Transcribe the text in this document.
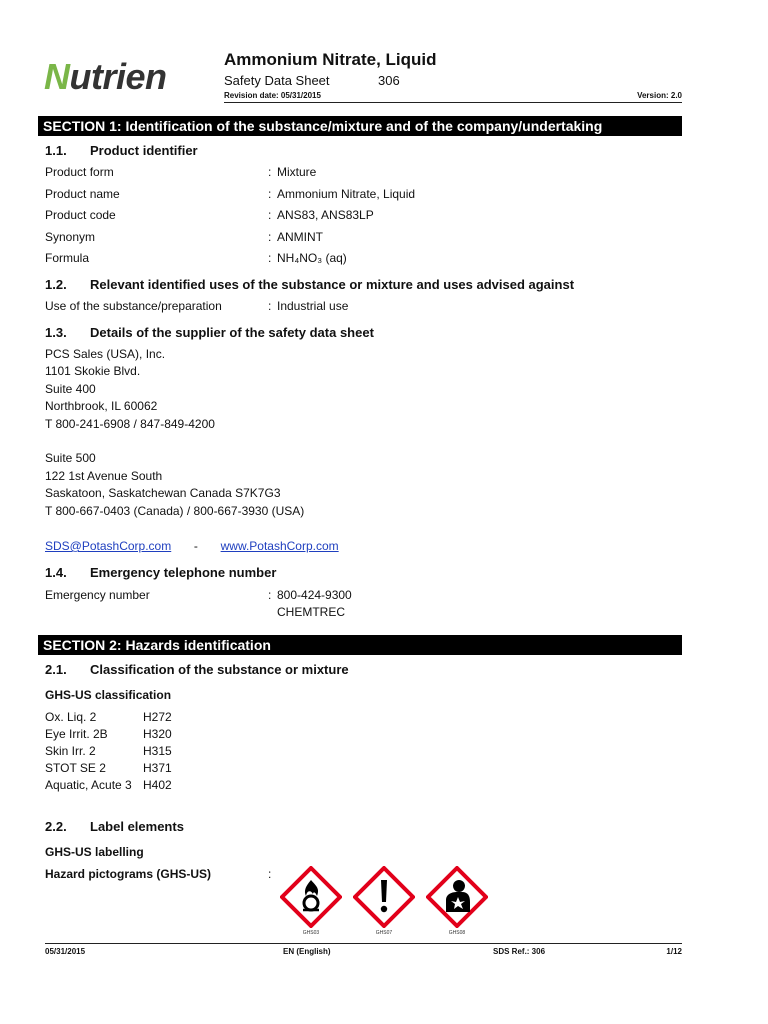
Nutrien	Ammonium Nitrate, Liquid
Safety Data Sheet	306
Revision date: 05/31/2015	Version: 2.0
SECTION 1: Identification of the substance/mixture and of the company/undertaking
1.1. Product identifier
Product form	: Mixture
Product name	: Ammonium Nitrate, Liquid
Product code	: ANS83, ANS83LP
Synonym	: ANMINT
Formula	: NH₄NO₃ (aq)
1.2. Relevant identified uses of the substance or mixture and uses advised against
Use of the substance/preparation	: Industrial use
1.3. Details of the supplier of the safety data sheet
PCS Sales (USA), Inc.
1101 Skokie Blvd.
Suite 400
Northbrook, IL 60062
T 800-241-6908 / 847-849-4200
Suite 500
122 1st Avenue South
Saskatoon, Saskatchewan Canada S7K7G3
T 800-667-0403 (Canada) / 800-667-3930 (USA)
SDS@PotashCorp.com - www.PotashCorp.com
1.4. Emergency telephone number
Emergency number	: 800-424-9300
CHEMTREC
SECTION 2: Hazards identification
2.1. Classification of the substance or mixture
GHS-US classification
Ox. Liq. 2	H272
Eye Irrit. 2B	H320
Skin Irr. 2	H315
STOT SE 2	H371
Aquatic, Acute 3 H402
2.2. Label elements
GHS-US labelling
Hazard pictograms (GHS-US)	:
GHS03	GHS07	GHS08
05/31/2015	EN (English)	SDS Ref.: 306	1/12
